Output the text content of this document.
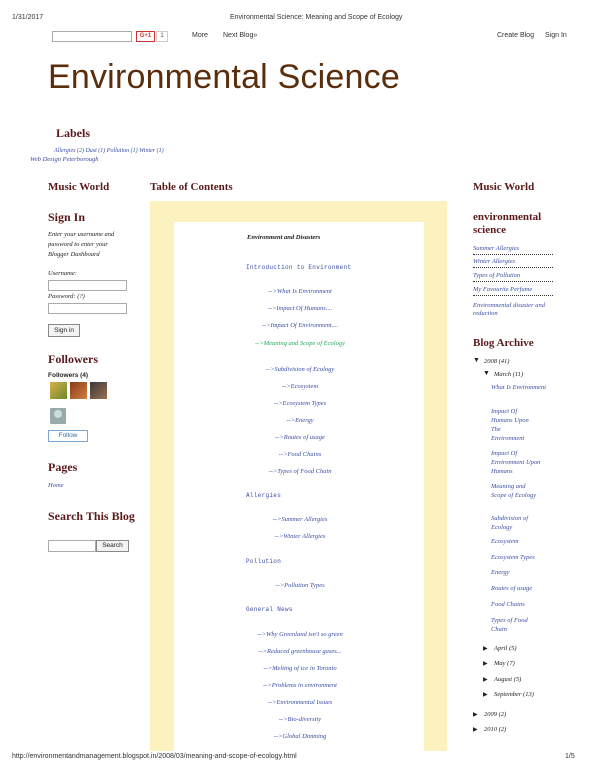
1/31/2017	Environmental Science: Meaning and Scope of Ecology
G+1	1	More Next Blog»	Create Blog Sign In
Environmental Science
Labels
Allergies (2) Dust (1) Pollution (1) Winter (1)
Web Design Peterborough
Music World
Sign In
Enter your username and password to enter your Blogger Dashboard
Username:
Password: (?)
Sign in
Followers
Followers (4)
Follow
Pages
Home
Search This Blog
Search
Table of Contents
Environment and Disasters
Introduction to Environment
-->What Is Environment
-->Impact Of Humans....
-->Impact Of Environment....
-->Meaning and Scope of Ecology
-->Subdivision of Ecology
-->Ecosystem
-->Ecosystem Types
-->Energy
-->Routes of usage
-->Food Chains
-->Types of Food Chain
Allergies
-->Summer Allergies
-->Winter Allergies
Pollution
-->Pollution Types
General News
-->Why Greenland isn't so green
-->Reduced greenhouse gases...
-->Melting of ice in Toronto
-->Problems in environment
-->Environmental Issues
-->Bio-diversity
-->Global Dimming
Music World
environmental science
Summer Allergies
Winter Allergies
Types of Pollution
My Favourite Perfume
Environmental disaster and reduction
Blog Archive
▼ 2008 (41)
▼ March (11)
What Is Environment
Impact Of Humans Upon The Environment
Impact Of Environment Upon Humans
Meaning and Scope of Ecology
Subdivision of Ecology
Ecosystem
Ecosystem Types
Energy
Routes of usage
Food Chains
Types of Food Chain
▶ April (5)
▶ May (7)
▶ August (5)
▶ September (13)
▶ 2009 (2)
▶ 2010 (2)
http://environmentandmanagement.blogspot.in/2008/03/meaning-and-scope-of-ecology.html	1/5
